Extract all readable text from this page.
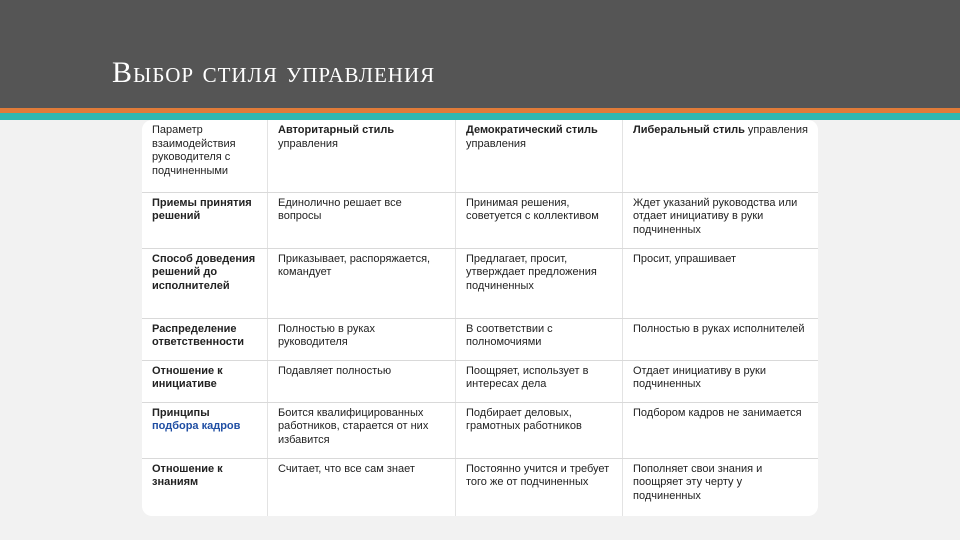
Выбор стиля управления
Параметр взаимодействия руководителя с подчиненными	Авторитарный стиль управления	Демократический стиль управления	Либеральный стиль управления
Приемы принятия решений	Единолично решает все вопросы	Принимая решения, советуется с коллективом	Ждет указаний руководства или отдает инициативу в руки подчиненных
Способ доведения решений до исполнителей	Приказывает, распоряжается, командует	Предлагает, просит, утверждает предложения подчиненных	Просит, упрашивает
Распределение ответственности	Полностью в руках руководителя	В соответствии с полномочиями	Полностью в руках исполнителей
Отношение к инициативе	Подавляет полностью	Поощряет, использует в интересах дела	Отдает инициативу в руки подчиненных
Принципы подбора кадров	Боится квалифицированных работников, старается от них избавится	Подбирает деловых, грамотных работников	Подбором кадров не занимается
Отношение к знаниям	Считает, что все сам знает	Постоянно учится и требует того же от подчиненных	Пополняет свои знания и поощряет эту черту у подчиненных
